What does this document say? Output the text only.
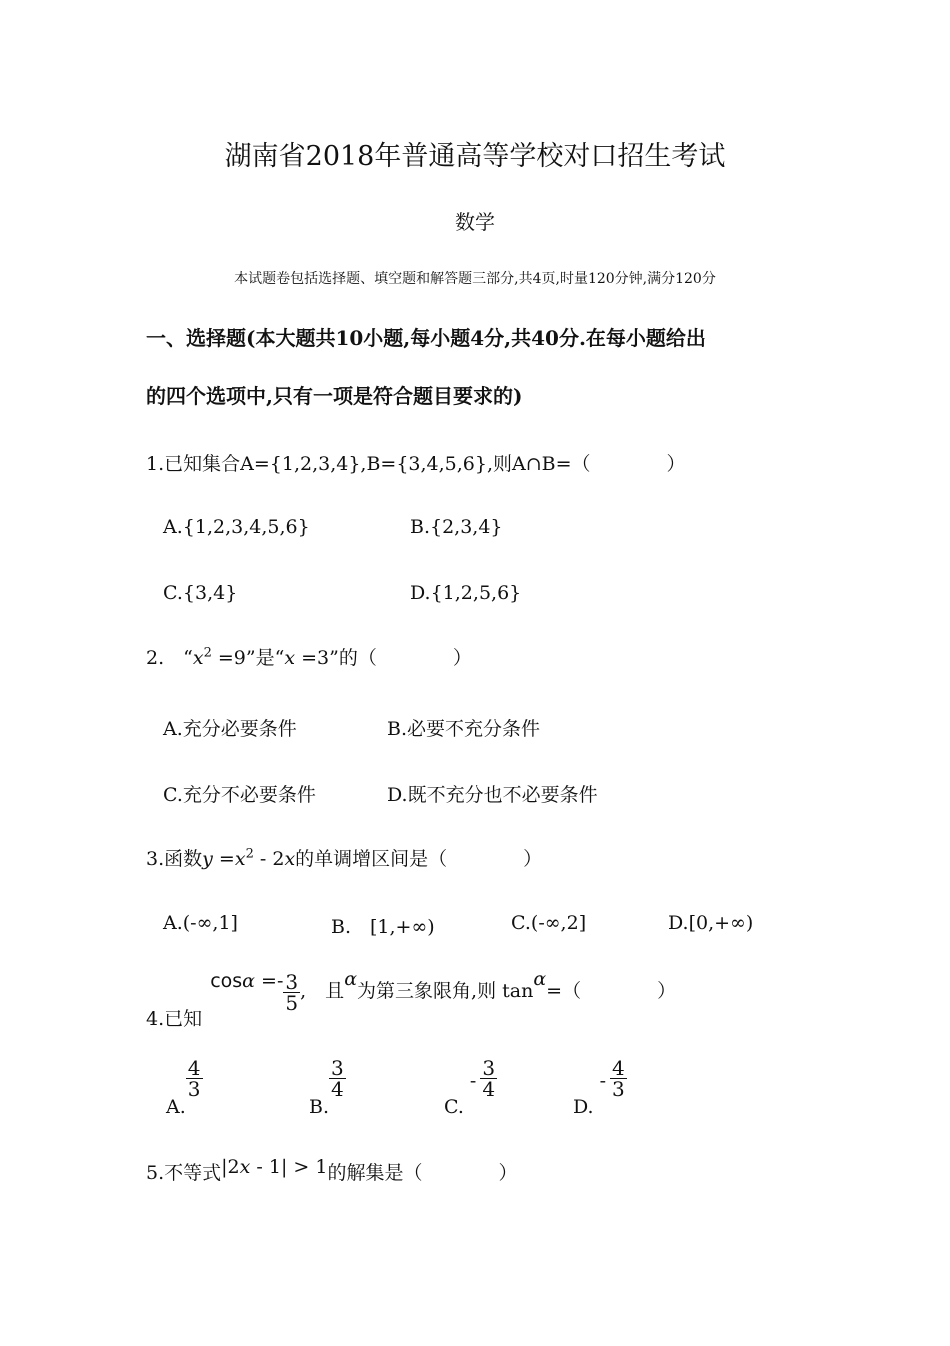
湖南省2018年普通高等学校对口招生考试
数学
本试题卷包括选择题、填空题和解答题三部分,共4页,时量120分钟,满分120分
一、选择题(本大题共10小题,每小题4分,共40分.在每小题给出
的四个选项中,只有一项是符合题目要求的)
1.已知集合A={1,2,3,4},B={3,4,5,6},则A∩B=（　　　　）
A.{1,2,3,4,5,6}	B.{2,3,4}
C.{3,4}	D.{1,2,5,6}
2.　“$x^2 =9$”是“x =3”的（　　　　）
A.充分必要条件	B.必要不充分条件
C.充分不必要条件	D.既不充分也不必要条件
3.函数$y =x^2 - 2x$的单调增区间是（　　　　）
A.(-∞,1]	B.　[1,+∞)	C.(-∞,2]	D.[0,+∞)
4.已知 $\cos\alpha =- \frac{3}{5}$ ,　且α为第三象限角,则 tanα=（　　　　）
A.
$\frac{4}{3}$
B.
$\frac{3}{4}$
$C.- \frac{3}{4}$
$D.- \frac{4}{3}$
5.不等式|2x - 1| > 1的解集是（　　　　）
